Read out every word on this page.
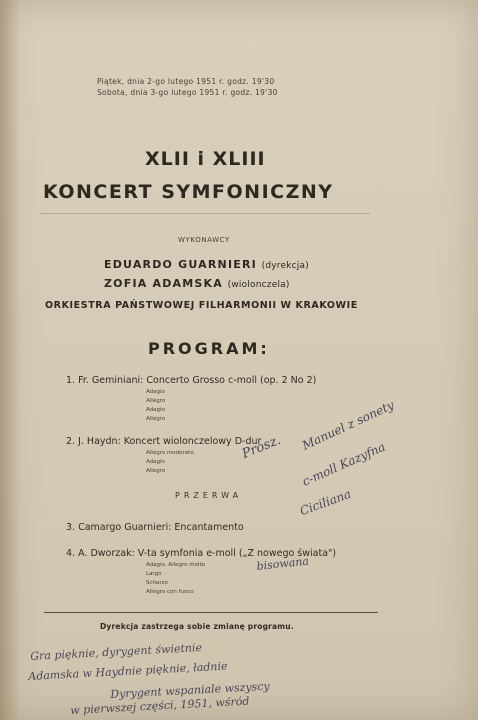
Piątek, dnia 2-go lutego 1951 r. godz. 19'30
Sobota, dnia 3-go lutego 1951 r. godz. 19'30
XLII i XLIII
KONCERT SYMFONICZNY
WYKONAWCY
EDUARDO GUARNIERI (dyrekcja)
ZOFIA ADAMSKA (wiolonczela)
ORKIESTRA PAŃSTWOWEJ FILHARMONII W KRAKOWIE
PROGRAM:
1. Fr. Geminiani: Concerto Grosso c-moll (op. 2 No 2)
Adagio
Allegro
Adagio
Allegro
2. J. Haydn: Koncert wiolonczelowy D-dur
Allegro moderato
Adagio
Allegro
PRZERWA
3. Camargo Guarnieri: Encantamento
4. A. Dworzak: V-ta symfonia e-moll („Z nowego świata")
Adagio. Allegro molto
Largo
Scherzo
Allegro con fuoco
Dyrekcja zastrzega sobie zmianę programu.
Prosz. Manuel z sonety
c-moll Kazyfna
Ciciliana
bisowana
Gra pięknie, dyrygent świetnie
Adamska w Haydnie pięknie, ładnie
Dyrygent wspaniale wszyscy
w pierwszej części, 1951, wśród
